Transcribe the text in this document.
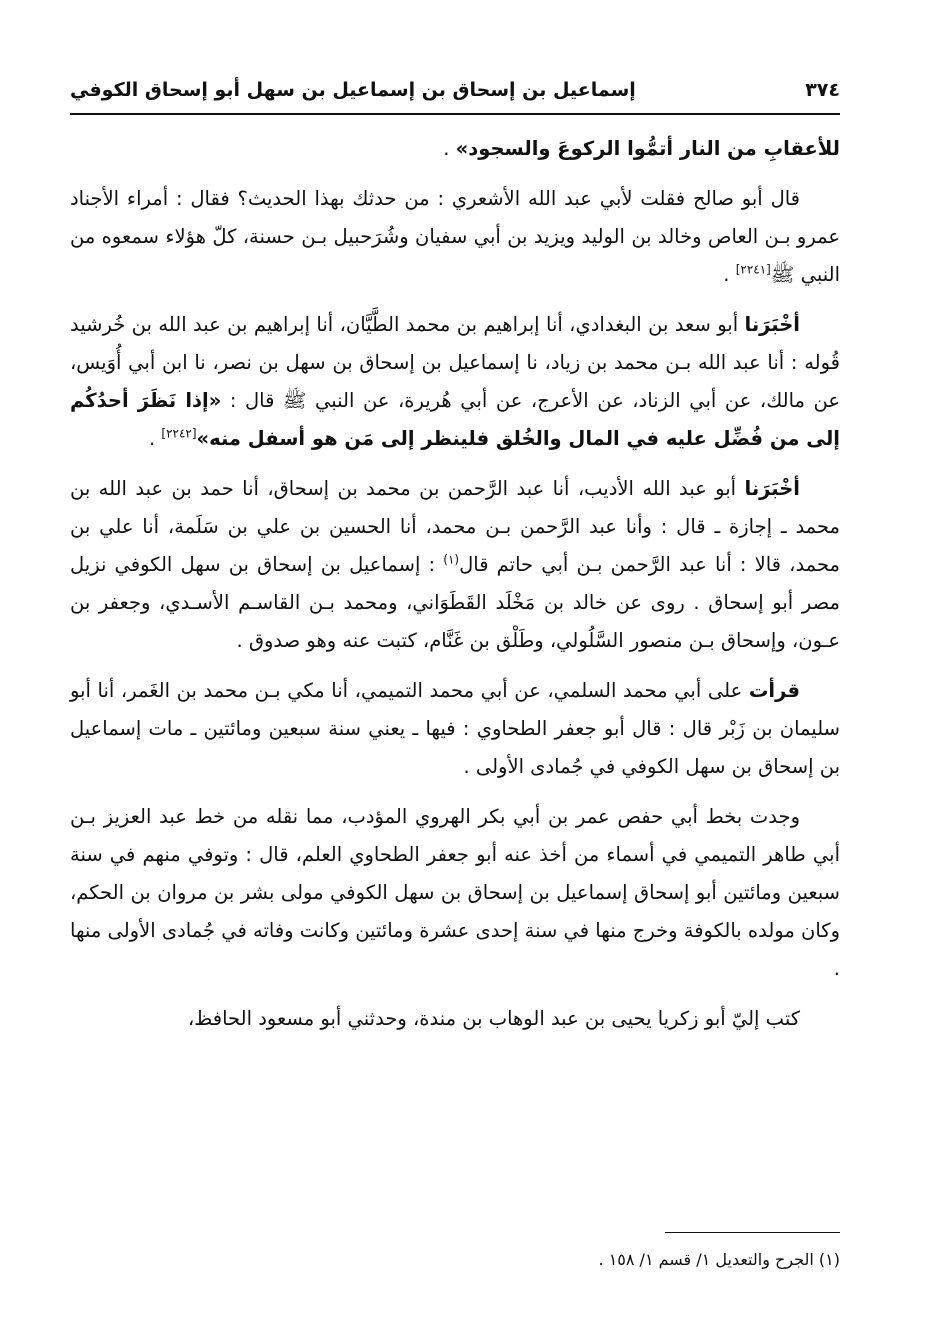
٣٧٤
إسماعيل بن إسحاق بن إسماعيل بن سهل أبو إسحاق الكوفي

للأعقابِ من النار أتمُّوا الركوعَ والسجود» .

قال أبو صالح فقلت لأبي عبد الله الأشعري : من حدثك بهذا الحديث؟ فقال : أمراء الأجناد عمرو بـن العاص وخالد بن الوليد ويزيد بن أبي سفيان وشُرَحبيل بـن حسنة، كلّ هؤلاء سمعوه من النبي ﷺ[٢٢٤١] .

أخْبَرَنا أبو سعد بن البغدادي، أنا إبراهيم بن محمد الطَّيَّان، أنا إبراهيم بن عبد الله بن خُرشيد قُوله : أنا عبد الله بـن محمد بن زياد، نا إسماعيل بن إسحاق بن سهل بن نصر، نا ابن أبي أُوَيس، عن مالك، عن أبي الزناد، عن الأعرج، عن أبي هُريرة، عن النبي ﷺ قال : «إذا نَظَرَ أحدُكُم إلى من فُضِّل عليه في المال والخُلق فلينظر إلى مَن هو أسفل منه»[٢٢٤٢] .

أخْبَرَنا أبو عبد الله الأديب، أنا عبد الرَّحمن بن محمد بن إسحاق، أنا حمد بن عبد الله بن محمد ـ إجازة ـ قال : وأنا عبد الرَّحمن بـن محمد، أنا الحسين بن علي بن سَلَمة، أنا علي بن محمد، قالا : أنا عبد الرَّحمن بـن أبي حاتم قال$^{(١)}$ : إسماعيل بن إسحاق بن سهل الكوفي نزيل مصر أبو إسحاق . روى عن خالد بن مَخْلَد القَطَوَاني، ومحمد بـن القاسـم الأسـدي، وجعفر بن عـون، وإسحاق بـن منصور السَّلُولي، وطَلْق بن غَنَّام، كتبت عنه وهو صدوق .

قرأت على أبي محمد السلمي، عن أبي محمد التميمي، أنا مكي بـن محمد بن الغَمر، أنا أبو سليمان بن زَبْر قال : قال أبو جعفر الطحاوي : فيها ـ يعني سنة سبعين ومائتين ـ مات إسماعيل بن إسحاق بن سهل الكوفي في جُمادى الأولى .

وجدت بخط أبي حفص عمر بن أبي بكر الهروي المؤدب، مما نقله من خط عبد العزيز بـن أبي طاهر التميمي في أسماء من أخذ عنه أبو جعفر الطحاوي العلم، قال : وتوفي منهم في سنة سبعين ومائتين أبو إسحاق إسماعيل بن إسحاق بن سهل الكوفي مولى بشر بن مروان بن الحكم، وكان مولده بالكوفة وخرج منها في سنة إحدى عشرة ومائتين وكانت وفاته في جُمادى الأولى منها .

كتب إليّ أبو زكريا يحيى بن عبد الوهاب بن مندة، وحدثني أبو مسعود الحافظ،

(١) الجرح والتعديل ١/ قسم ١/ ١٥٨ .
